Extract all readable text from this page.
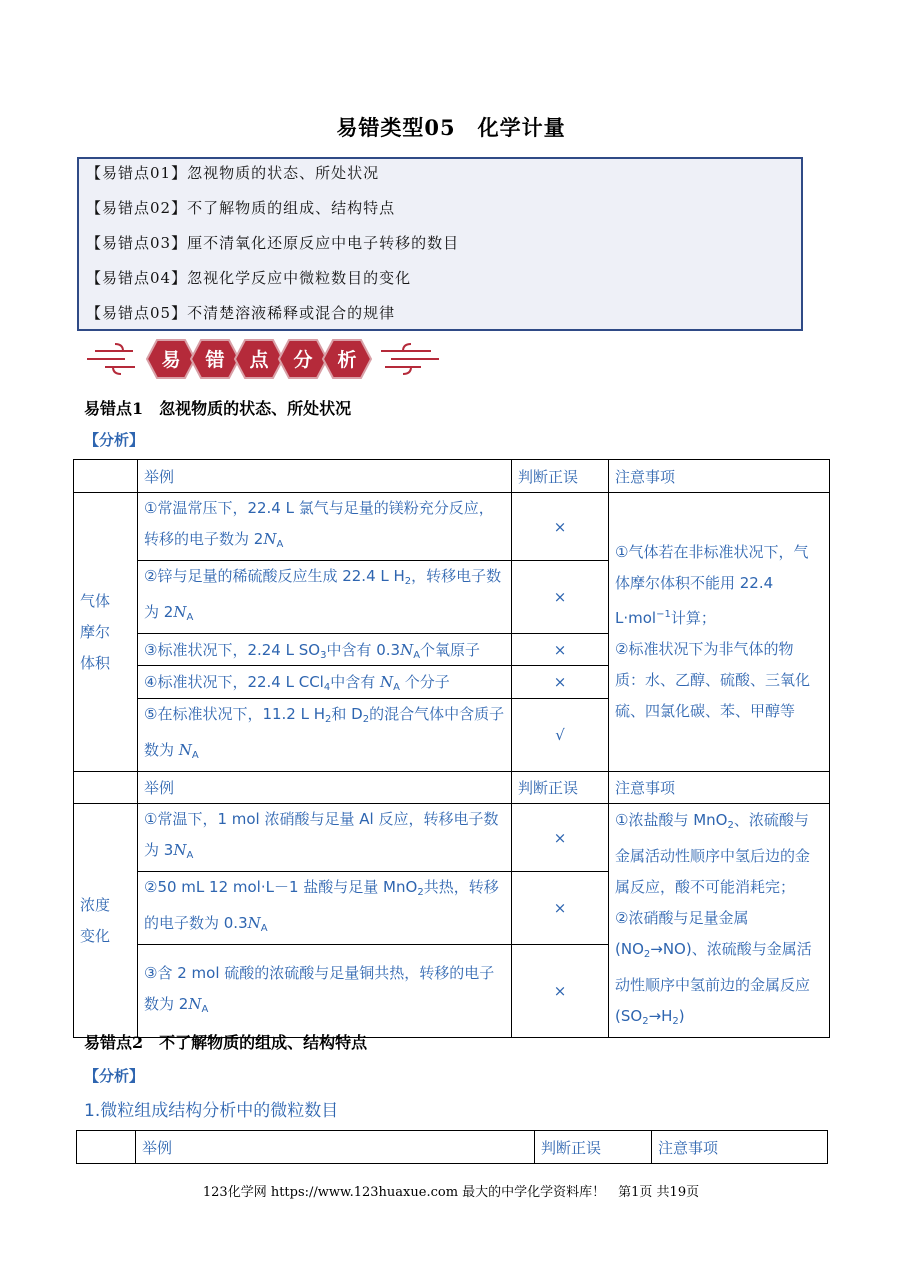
易错类型05　化学计量
【易错点01】忽视物质的状态、所处状况
【易错点02】不了解物质的组成、结构特点
【易错点03】厘不清氧化还原反应中电子转移的数目
【易错点04】忽视化学反应中微粒数目的变化
【易错点05】不清楚溶液稀释或混合的规律
易 错 点 分 析
易错点1　忽视物质的状态、所处状况
【分析】
	举例	判断正误	注意事项

气体摩尔体积	①常温常压下，22.4 L 氯气与足量的镁粉充分反应，转移的电子数为 $2N_A$	×	①气体若在非标准状况下，气体摩尔体积不能用 22.4 L·mol$^{-1}$计算；
②标准状况下为非气体的物质：水、乙醇、硫酸、三氧化硫、四氯化碳、苯、甲醇等
	②锌与足量的稀硫酸反应生成 22.4 L $H_2$，转移电子数为 $2N_A$	×	
	③标准状况下，2.24 L $SO_3$中含有 $0.3N_A$个氧原子	×	
	④标准状况下，22.4 L CCl$_4$中含有 $N_A$ 个分子	×	
	⑤在标准状况下，11.2 L $H_2$和 $D_2$的混合气体中含质子数为 $N_A$	√	
	举例	判断正误	注意事项

浓度变化	①常温下，1 mol 浓硝酸与足量 Al 反应，转移电子数为 $3N_A$	×	①浓盐酸与 MnO$_2$、浓硫酸与金属活动性顺序中氢后边的金属反应，酸不可能消耗完；
②浓硝酸与足量金属$(NO_2\to NO)$、浓硫酸与金属活动性顺序中氢前边的金属反应$(SO_2\to H_2)$
	②50 mL 12 mol·L－1 盐酸与足量 MnO$_2$共热，转移的电子数为 $0.3N_A$	×	
	③含 2 mol 硫酸的浓硫酸与足量铜共热，转移的电子数为 $2N_A$	×	
易错点2　不了解物质的组成、结构特点
【分析】
1.微粒组成结构分析中的微粒数目
	举例	判断正误	注意事项
123化学网 https://www.123huaxue.com 最大的中学化学资料库！　第1页 共19页
